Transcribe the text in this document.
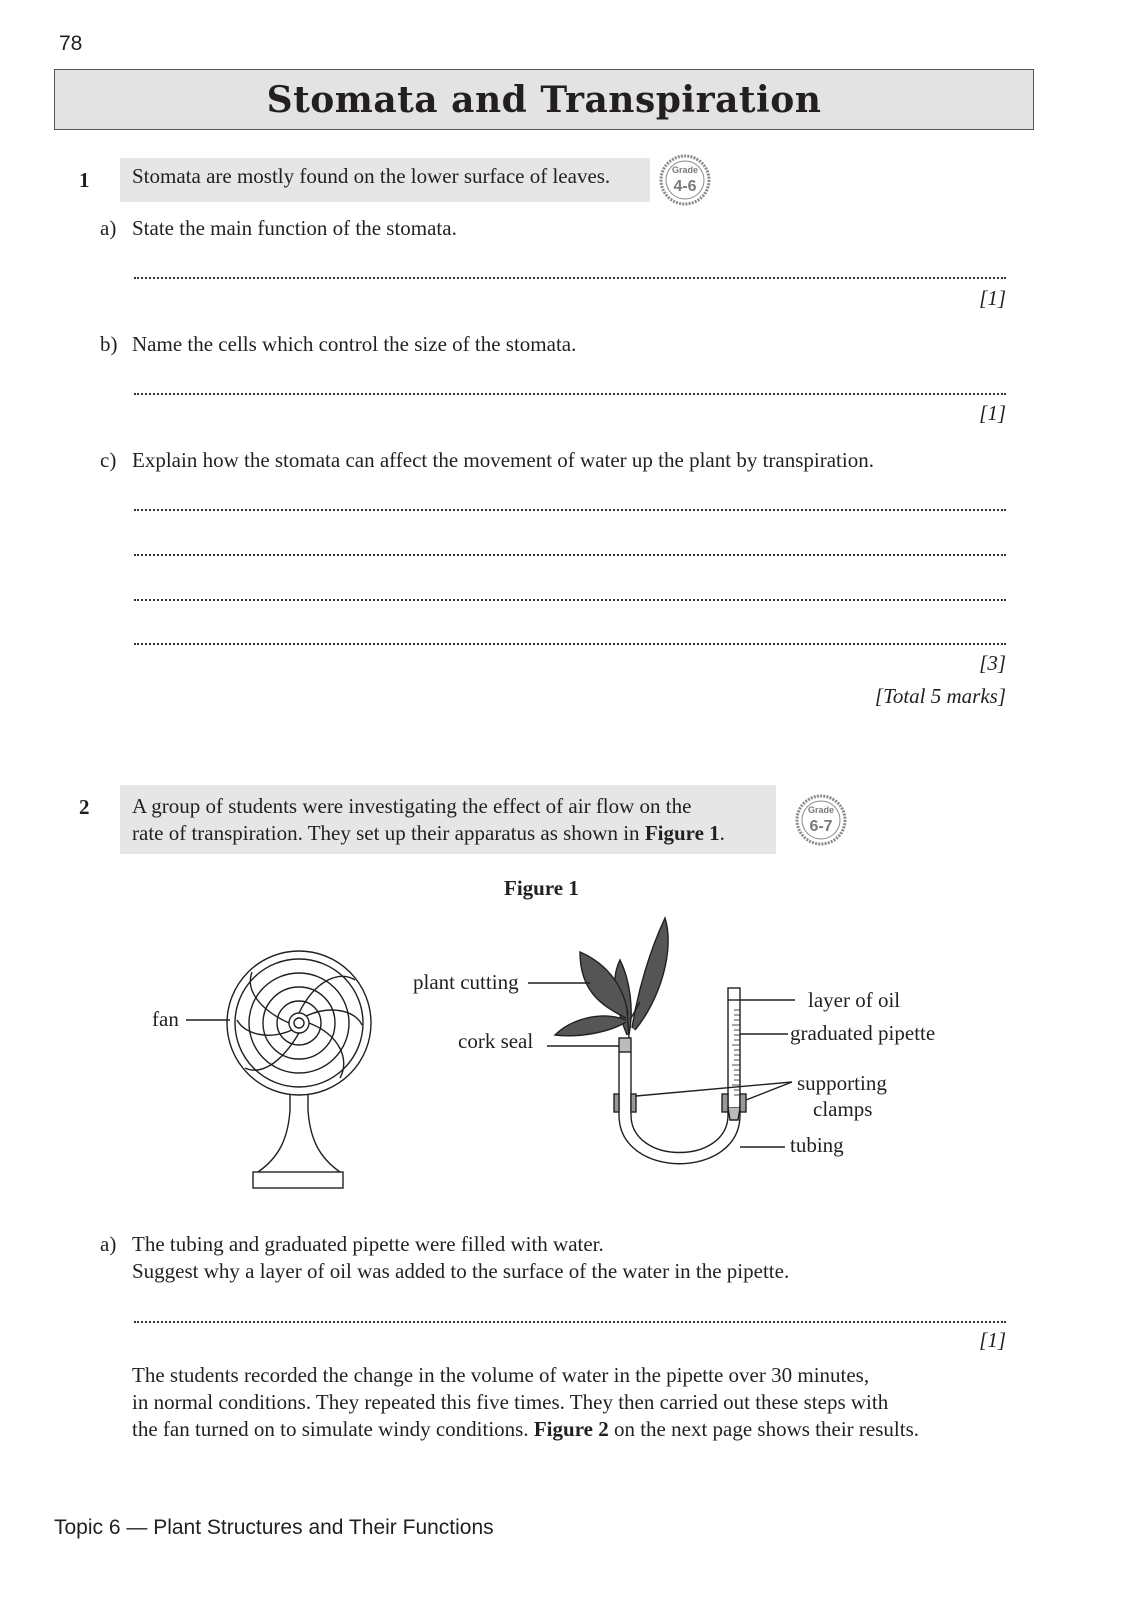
78
Stomata and Transpiration
1	Stomata are mostly found on the lower surface of leaves.	Grade
4-6
a) State the main function of the stomata.
[1]
b) Name the cells which control the size of the stomata.
[1]
c) Explain how the stomata can affect the movement of water up the plant by transpiration.
[3]
[Total 5 marks]
2 A group of students were investigating the effect of air flow on the
rate of transpiration. They set up their apparatus as shown in Figure 1.
Grade
6-7
Figure 1
fan
plant cutting
cork seal
layer of oil
graduated pipette
supporting
clamps
tubing
a) The tubing and graduated pipette were filled with water.
Suggest why a layer of oil was added to the surface of the water in the pipette.
[1]
The students recorded the change in the volume of water in the pipette over 30 minutes,
in normal conditions. They repeated this five times. They then carried out these steps with
the fan turned on to simulate windy conditions. Figure 2 on the next page shows their results.
Topic 6 — Plant Structures and Their Functions
